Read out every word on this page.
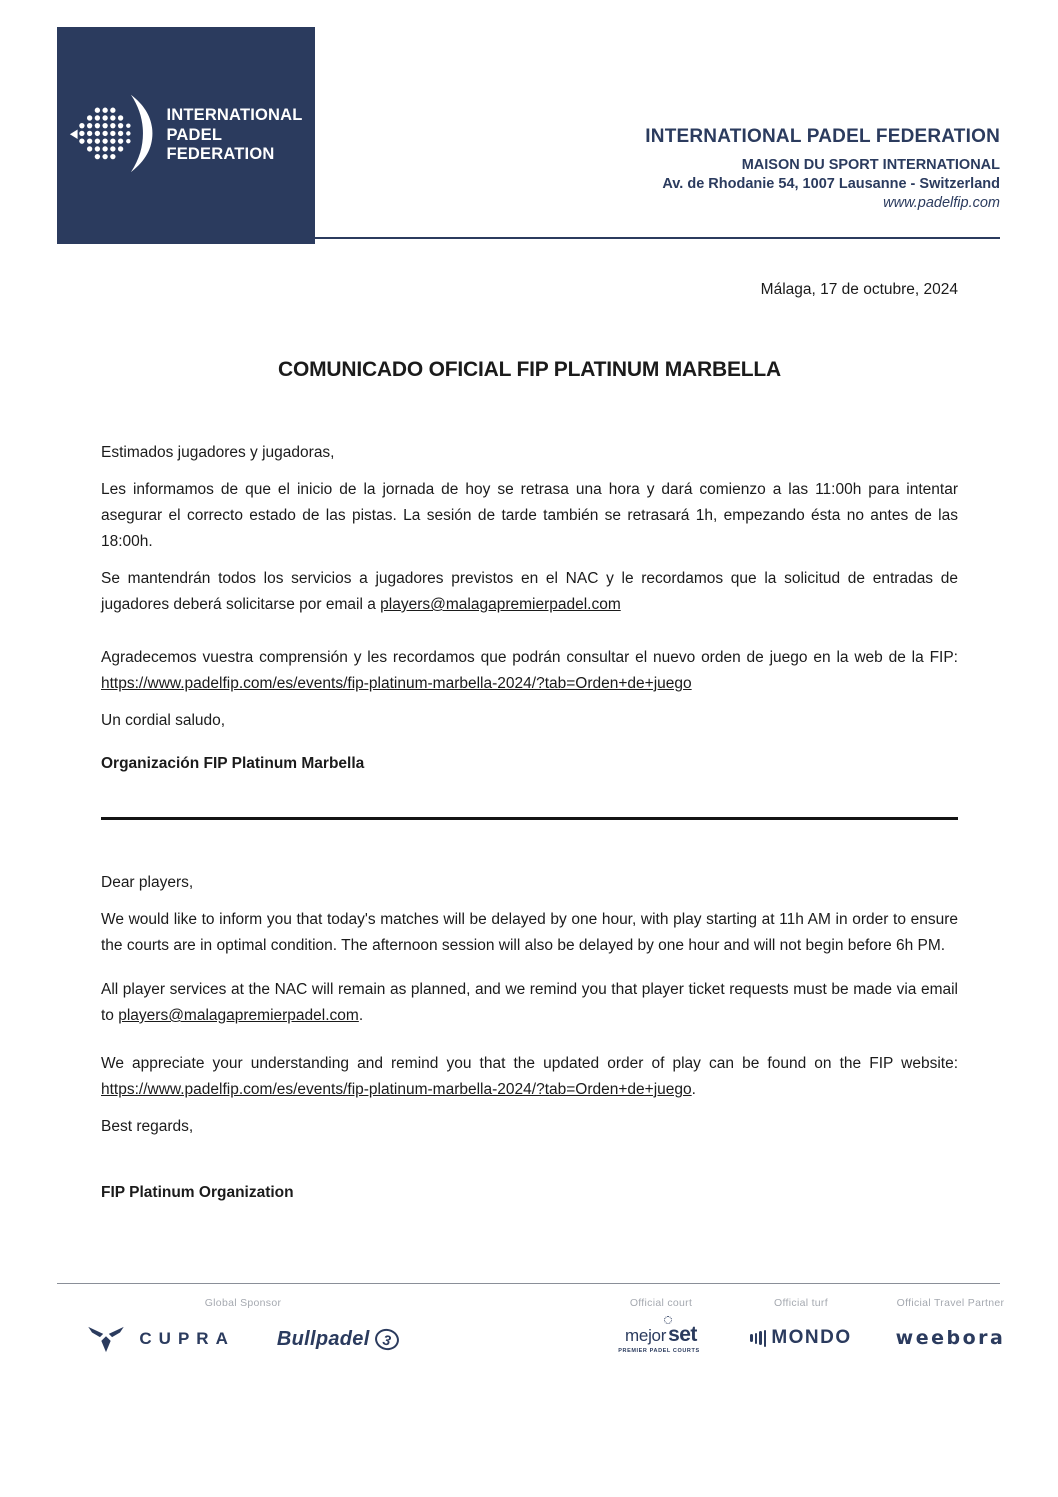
INTERNATIONAL
PADEL
FEDERATION
INTERNATIONAL PADEL FEDERATION
MAISON DU SPORT INTERNATIONAL
Av. de Rhodanie 54, 1007 Lausanne - Switzerland
www.padelfip.com
Málaga, 17 de octubre, 2024
COMUNICADO OFICIAL FIP PLATINUM MARBELLA

Estimados jugadores y jugadoras,

Les informamos de que el inicio de la jornada de hoy se retrasa una hora y dará comienzo a las 11:00h para intentar asegurar el correcto estado de las pistas. La sesión de tarde también se retrasará 1h, empezando ésta no antes de las 18:00h.

Se mantendrán todos los servicios a jugadores previstos en el NAC y le recordamos que la solicitud de entradas de jugadores deberá solicitarse por email a players@malagapremierpadel.com

Agradecemos vuestra comprensión y les recordamos que podrán consultar el nuevo orden de juego en la web de la FIP: https://www.padelfip.com/es/events/fip-platinum-marbella-2024/?tab=Orden+de+juego

Un cordial saludo,

Organización FIP Platinum Marbella

Dear players,

We would like to inform you that today's matches will be delayed by one hour, with play starting at 11h AM in order to ensure the courts are in optimal condition. The afternoon session will also be delayed by one hour and will not begin before 6h PM.

All player services at the NAC will remain as planned, and we remind you that player ticket requests must be made via email to players@malagapremierpadel.com.

We appreciate your understanding and remind you that the updated order of play can be found on the FIP website: https://www.padelfip.com/es/events/fip-platinum-marbella-2024/?tab=Orden+de+juego.

Best regards,

FIP Platinum Organization

Global Sponsor
CUPRA Bullpadel 3
Official court
mejor set
PREMIER PADEL COURTS
Official turf
MONDO
Official Travel Partner
weebora
